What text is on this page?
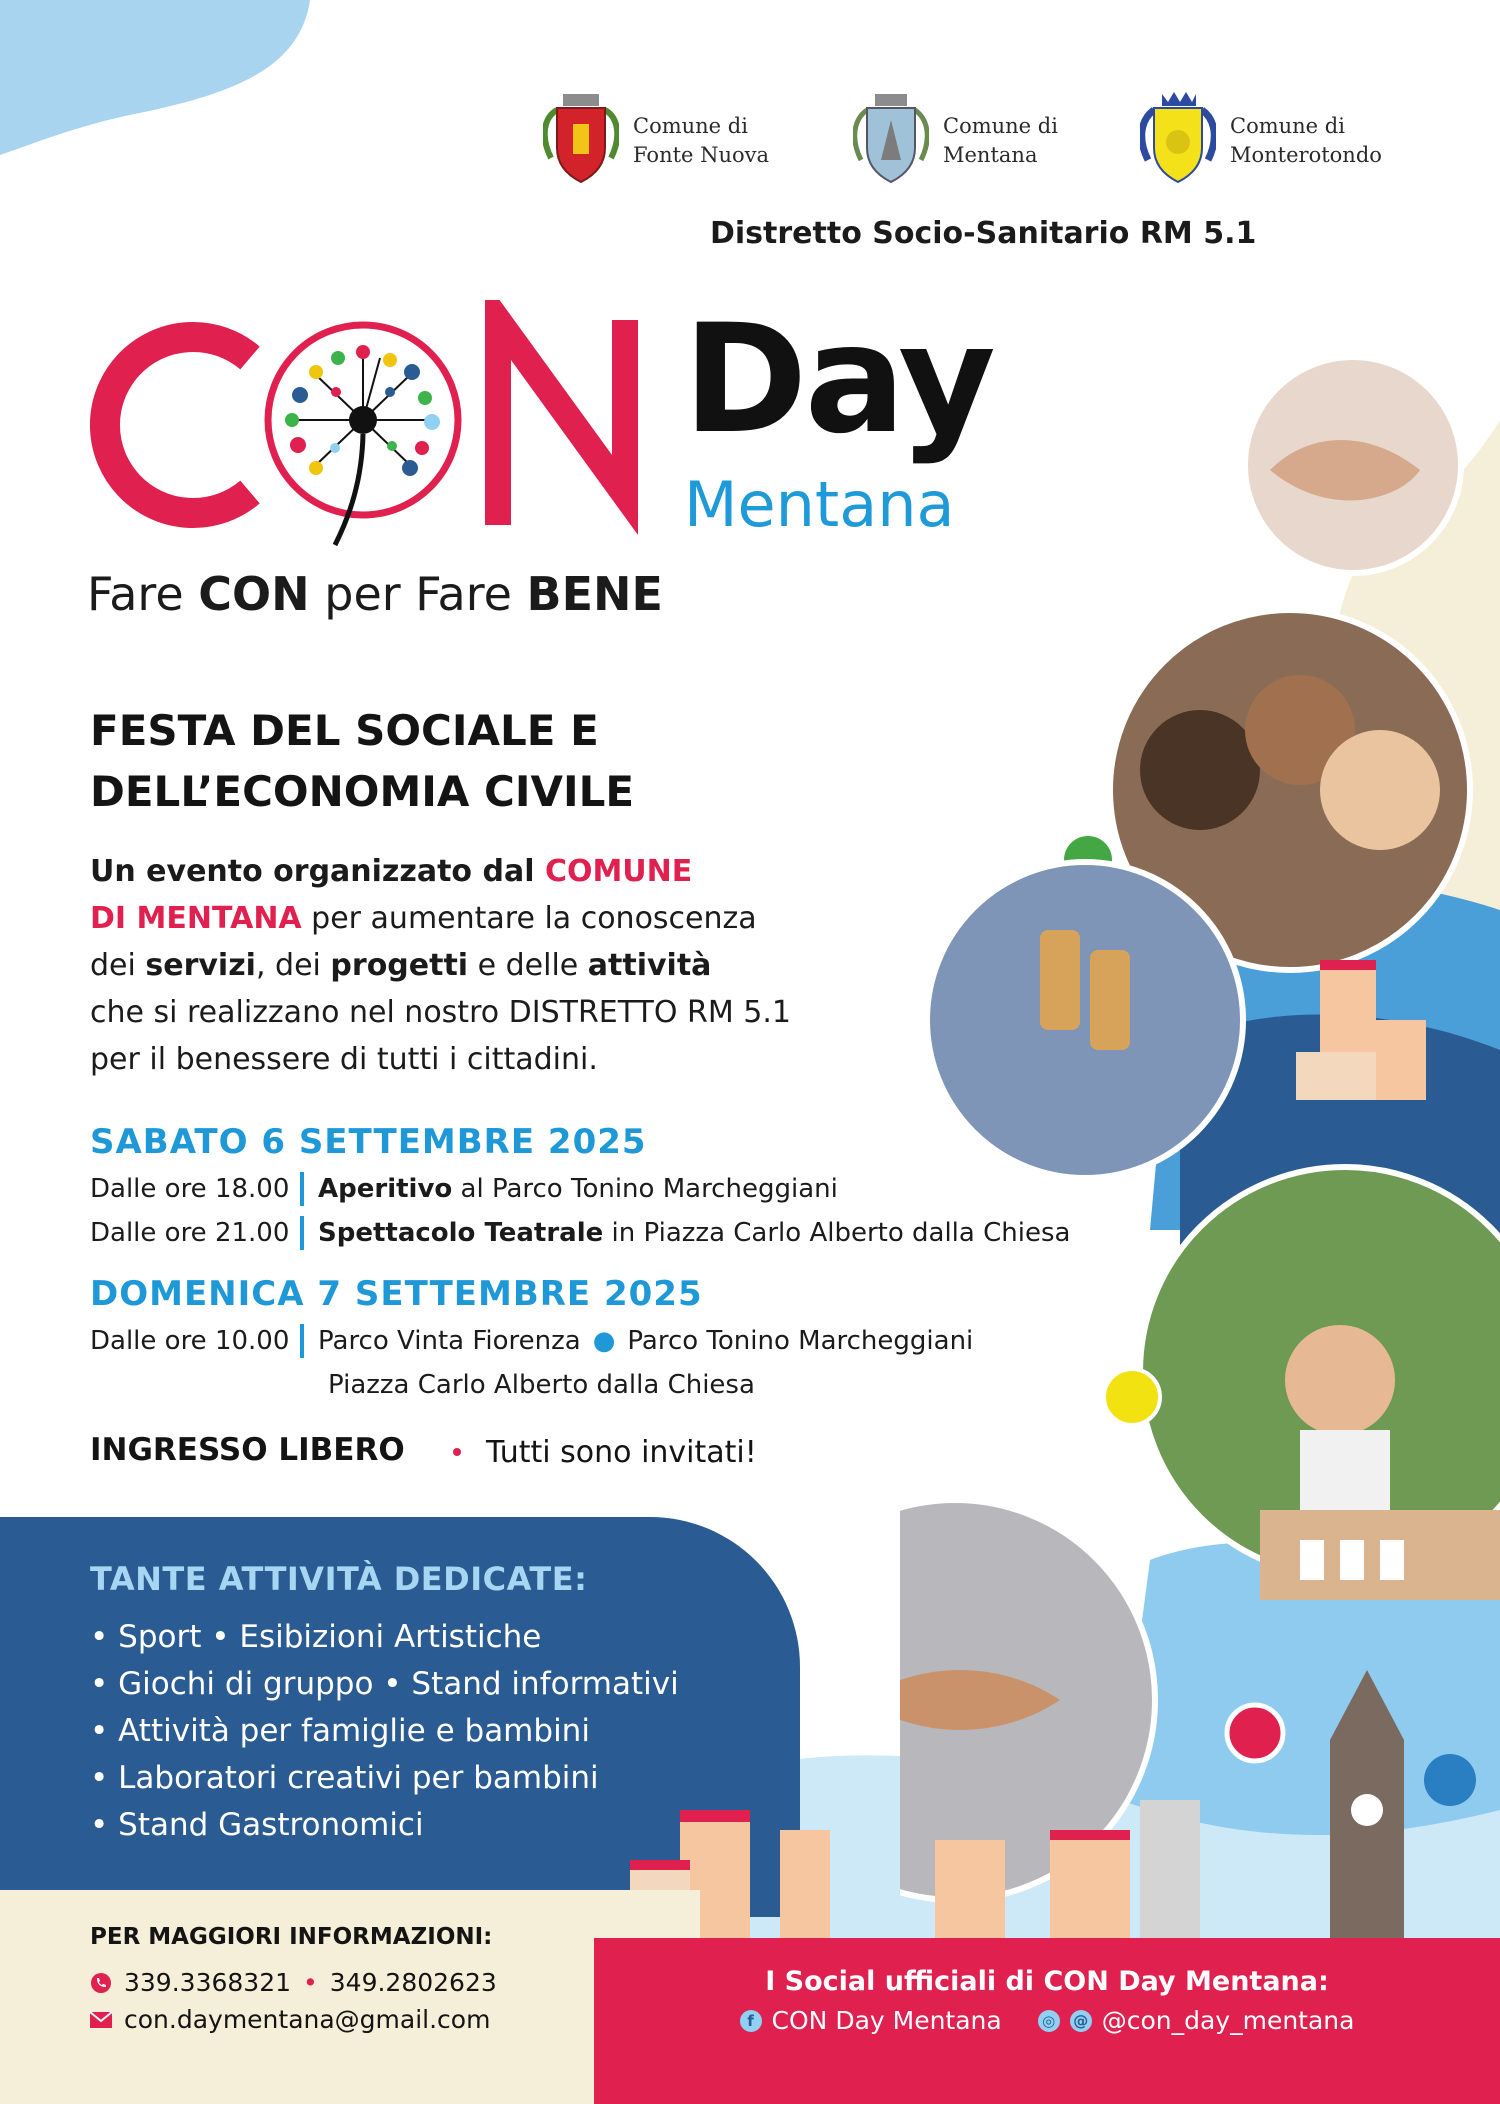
Comune di
Fonte Nuova
Comune di
Mentana
Comune di
Monterotondo
Distretto Socio-Sanitario RM 5.1
Day
Mentana
Fare CON per Fare BENE
FESTA DEL SOCIALE E
DELL’ECONOMIA CIVILE
Un evento organizzato dal COMUNE
DI MENTANA per aumentare la conoscenza
dei servizi, dei progetti e delle attività
che si realizzano nel nostro DISTRETTO RM 5.1
per il benessere di tutti i cittadini.
SABATO 6 SETTEMBRE 2025
Dalle ore 18.00 Aperitivo al Parco Tonino Marcheggiani
Dalle ore 21.00 Spettacolo Teatrale in Piazza Carlo Alberto dalla Chiesa
DOMENICA 7 SETTEMBRE 2025
Dalle ore 10.00 Parco Vinta Fiorenza ● Parco Tonino Marcheggiani
Piazza Carlo Alberto dalla Chiesa
INGRESSO LIBERO	Tutti sono invitati!
TANTE ATTIVITÀ DEDICATE:
• Sport • Esibizioni Artistiche
• Giochi di gruppo • Stand informativi
• Attività per famiglie e bambini
• Laboratori creativi per bambini
• Stand Gastronomici
PER MAGGIORI INFORMAZIONI:
339.3368321 • 349.2802623
con.daymentana@gmail.com
I Social ufficiali di CON Day Mentana:
f CON Day Mentana	◎ @ @con_day_mentana
